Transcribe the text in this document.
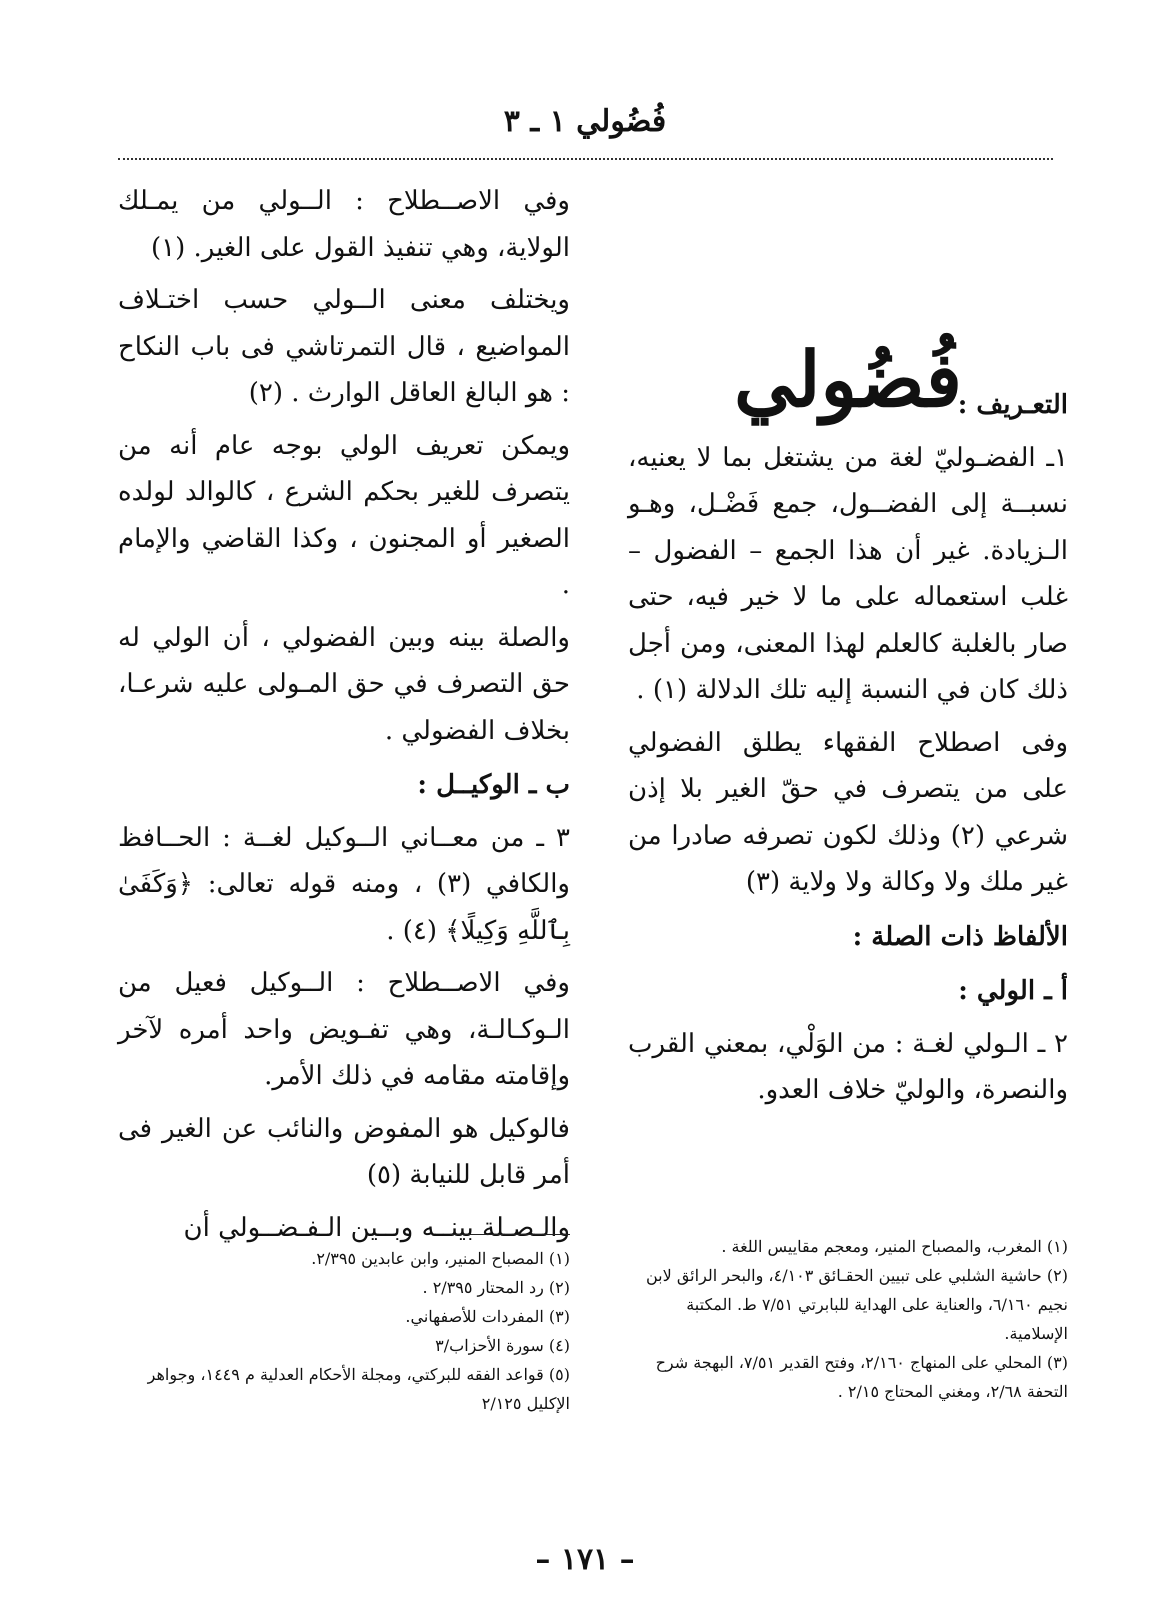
فُضُولي ١ ـ ٣

وفي الاصــطلاح : الــولي من يمـلك الولاية، وهي تنفيذ القول على الغير. (١)

ويختلف معنى الــولي حسب اختـلاف المواضيع ، قال التمرتاشي فى باب النكاح : هو البالغ العاقل الوارث . (٢)

ويمكن تعريف الولي بوجه عام أنه من يتصرف للغير بحكم الشرع ، كالوالد لولده الصغير أو المجنون ، وكذا القاضي والإمام .

والصلة بينه وبين الفضولي ، أن الولي له حق التصرف في حق المـولى عليه شرعـا، بخلاف الفضولي .

ب ـ الوكيــل :

٣ ـ من معــاني الــوكيل لغــة : الحــافظ والكافي (٣) ، ومنه قوله تعالى: ﴿وَكَفَىٰ بِٱللَّهِ وَكِيلًا﴾ (٤) .

وفي الاصــطلاح : الــوكيل فعيل من الـوكـالـة، وهي تفـويض واحد أمره لآخر وإقامته مقامه في ذلك الأمر.

فالوكيل هو المفوض والنائب عن الغير فى أمر قابل للنيابة (٥)

والـصـلة بينــه وبــين الـفـضــولي أن

فُضُولي
التعـريف :

١ـ الفضـوليّ لغة من يشتغل بما لا يعنيه، نسبــة إلى الفضــول، جمع فَضْـل، وهـو الـزيادة. غير أن هذا الجمع – الفضول – غلب استعماله على ما لا خير فيه، حتى صار بالغلبة كالعلم لهذا المعنى، ومن أجل ذلك كان في النسبة إليه تلك الدلالة (١) .

وفى اصطلاح الفقهاء يطلق الفضولي على من يتصرف في حقّ الغير بلا إذن شرعي (٢) وذلك لكون تصرفه صادرا من غير ملك ولا وكالة ولا ولاية (٣)

الألفاظ ذات الصلة :
أ ـ الولي :

٢ ـ الـولي لغـة : من الوَلْي، بمعني القرب والنصرة، والوليّ خلاف العدو.

(١) المغرب، والمصباح المنير، ومعجم مقاييس اللغة .

(٢) حاشية الشلبي على تبيين الحقـائق ٤/١٠٣، والبحر الرائق لابن نجيم ٦/١٦٠، والعناية على الهداية للبابرتي ٧/٥١ ط. المكتبة الإسلامية.

(٣) المحلي على المنهاج ٢/١٦٠، وفتح القدير ٧/٥١، البهجة شرح التحفة ٢/٦٨، ومغني المحتاج ٢/١٥ .

(١) المصباح المنير، وابن عابدين ٢/٣٩٥.

(٢) رد المحتار ٢/٣٩٥ .

(٣) المفردات للأصفهاني.

(٤) سورة الأحزاب/٣

(٥) قواعد الفقه للبركتي، ومجلة الأحكام العدلية م ١٤٤٩، وجواهر الإكليل ٢/١٢٥

– ١٧١ –
